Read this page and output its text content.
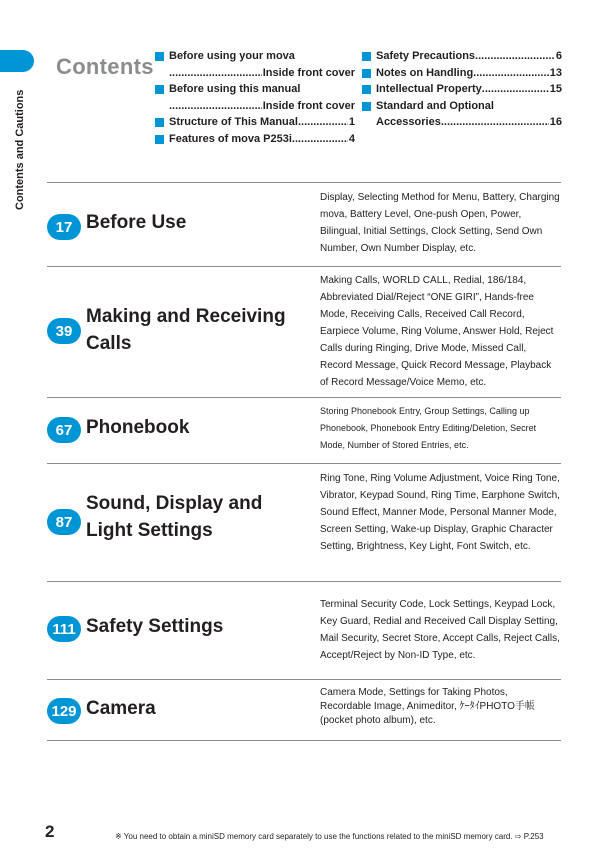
Contents and Cautions
Contents Before using your mova
.....
Inside front cover
Before using this manual
.....
Inside front cover
Structure of This Manual .....	1
Features of mova P253i .....	4
Safety Precautions .....	6
Notes on Handling .....	13
Intellectual Property .....	15
Standard and Optional
Accessories .....	16
17 Before Use
Display, Selecting Method for Menu, Battery, Charging mova, Battery Level, One-push Open, Power, Bilingual, Initial Settings, Clock Setting, Send Own Number, Own Number Display, etc.
39
Making and Receiving Calls
Making Calls, WORLD CALL, Redial, 186/184, Abbreviated Dial/Reject “ONE GIRI”, Hands-free Mode, Receiving Calls, Received Call Record, Earpiece Volume, Ring Volume, Answer Hold, Reject Calls during Ringing, Drive Mode, Missed Call, Record Message, Quick Record Message, Playback of Record Message/Voice Memo, etc.
67 Phonebook
Storing Phonebook Entry, Group Settings, Calling up Phonebook, Phonebook Entry Editing/Deletion, Secret Mode, Number of Stored Entries, etc.
87
Sound, Display and Light Settings
Ring Tone, Ring Volume Adjustment, Voice Ring Tone, Vibrator, Keypad Sound, Ring Time, Earphone Switch, Sound Effect, Manner Mode, Personal Manner Mode, Screen Setting, Wake-up Display, Graphic Character Setting, Brightness, Key Light, Font Switch, etc.
111 Safety Settings
Terminal Security Code, Lock Settings, Keypad Lock, Key Guard, Redial and Received Call Display Setting, Mail Security, Secret Store, Accept Calls, Reject Calls, Accept/Reject by Non-ID Type, etc.
129 Camera
Camera Mode, Settings for Taking Photos, Recordable Image, Animeditor, ｹｰﾀｲPHOTO手帳 (pocket photo album), etc.
2	※ You need to obtain a miniSD memory card separately to use the functions related to the miniSD memory card. ⇨ P.253
